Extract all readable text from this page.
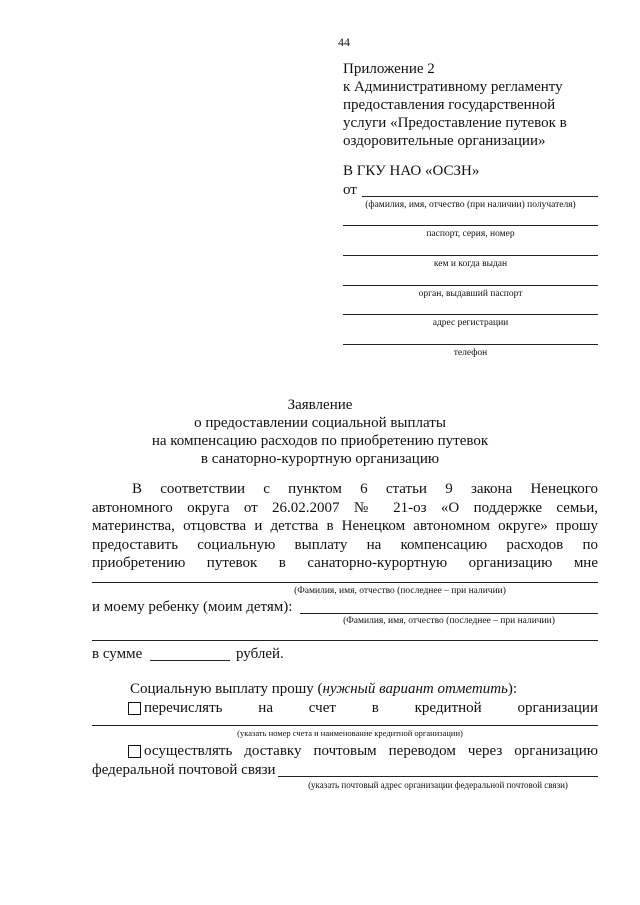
44
Приложение 2
к Административному регламенту
предоставления государственной
услуги «Предоставление путевок в
оздоровительные организации»
В ГКУ НАО «ОСЗН»
от
(фамилия, имя, отчество (при наличии) получателя)
паспорт, серия, номер
кем и когда выдан
орган, выдавший паспорт
адрес регистрации
телефон
Заявление
о предоставлении социальной выплаты
на компенсацию расходов по приобретению путевок
в санаторно-курортную организацию
В соответствии с пунктом 6 статьи 9 закона Ненецкого
автономного округа от 26.02.2007 № 21-оз «О поддержке семьи,
материнства, отцовства и детства в Ненецком автономном округе» прошу
предоставить социальную выплату на компенсацию расходов по
приобретению путевок в санаторно-курортную организацию мне
(Фамилия, имя, отчество (последнее – при наличии)
и моему ребенку (моим детям):
(Фамилия, имя, отчество (последнее – при наличии)
в сумме	рублей.
Социальную выплату прошу (нужный вариант отметить):
перечислять на счет в кредитной организации
(указать номер счета и наименование кредитной организации)
осуществлять доставку почтовым переводом через организацию
федеральной почтовой связи
(указать почтовый адрес организации федеральной почтовой связи)
